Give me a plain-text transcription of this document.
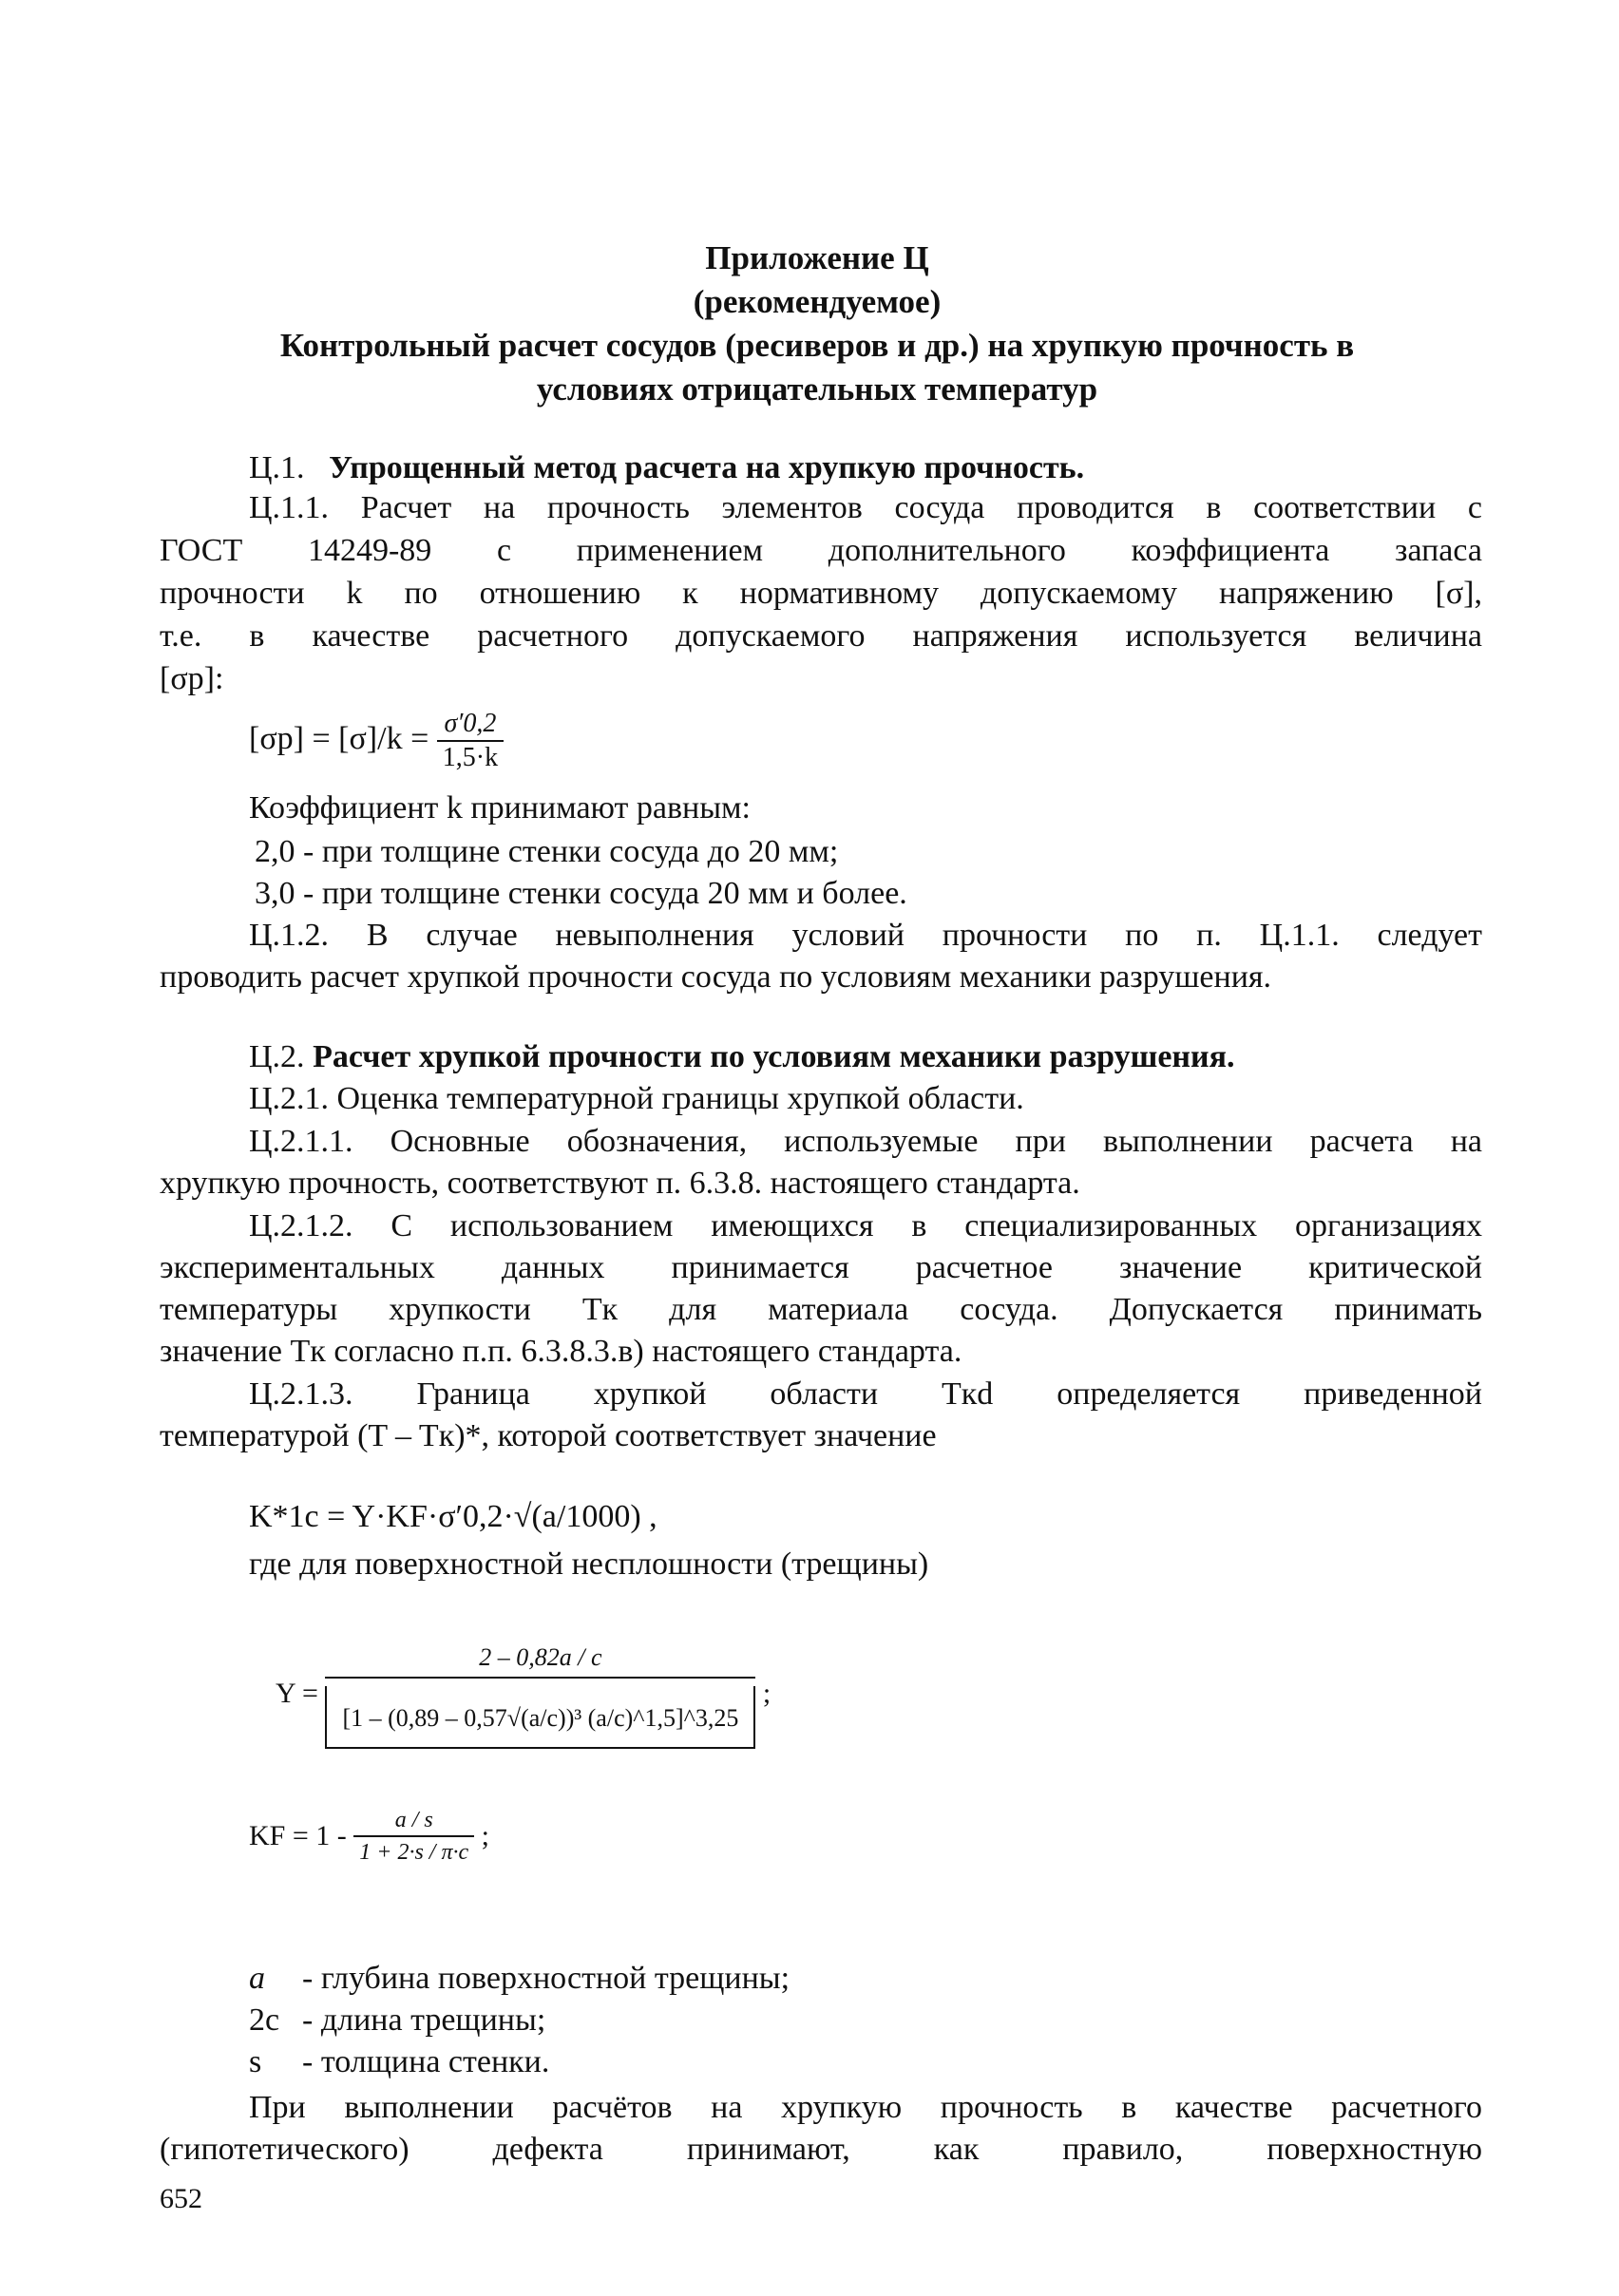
Приложение Ц
(рекомендуемое)
Контрольный расчет сосудов (ресиверов и др.) на хрупкую прочность в
условиях отрицательных температур
Ц.1. Упрощенный метод расчета на хрупкую прочность.
Ц.1.1. Расчет на прочность элементов сосуда проводится в соответствии с
ГОСТ 14249-89 с применением дополнительного коэффициента запаса
прочности k по отношению к нормативному допускаемому напряжению [σ],
т.е. в качестве расчетного допускаемого напряжения используется величина
[σp]:
$[\sigma p] = [\sigma]/k = \frac{\sigma'0,2}{1,5\cdot k}$
Коэффициент k принимают равным:
2,0 - при толщине стенки сосуда до 20 мм;
3,0 - при толщине стенки сосуда 20 мм и более.
Ц.1.2. В случае невыполнения условий прочности по п. Ц.1.1. следует
проводить расчет хрупкой прочности сосуда по условиям механики разрушения.
Ц.2. Расчет хрупкой прочности по условиям механики разрушения.
Ц.2.1. Оценка температурной границы хрупкой области.
Ц.2.1.1. Основные обозначения, используемые при выполнении расчета на
хрупкую прочность, соответствуют п. 6.3.8. настоящего стандарта.
Ц.2.1.2. С использованием имеющихся в специализированных организациях
экспериментальных данных принимается расчетное значение критической
температуры хрупкости Tк для материала сосуда. Допускается принимать
значение Tк согласно п.п. 6.3.8.3.в) настоящего стандарта.
Ц.2.1.3. Граница хрупкой области Tкd определяется приведенной
температурой (T – Tк)*, которой соответствует значение
K*1c = Y·KF·σ′0,2·√(a/1000) ,
где для поверхностной несплошности (трещины)
$Y = \frac{2 - 0,82a / c}{\text{[1 – (0,89 – 0,57√(a/c))³ (a/c)\textasciicircum{}1,5]\textasciicircum{}3,25}}$ ;
KF = $1 - \frac{a / s}{1 + 2\cdot s / \pi\cdot c}$ ;
a - глубина поверхностной трещины;
2c - длина трещины;
s - толщина стенки.
При выполнении расчётов на хрупкую прочность в качестве расчетного
(гипотетического) дефекта принимают, как правило, поверхностную
652
